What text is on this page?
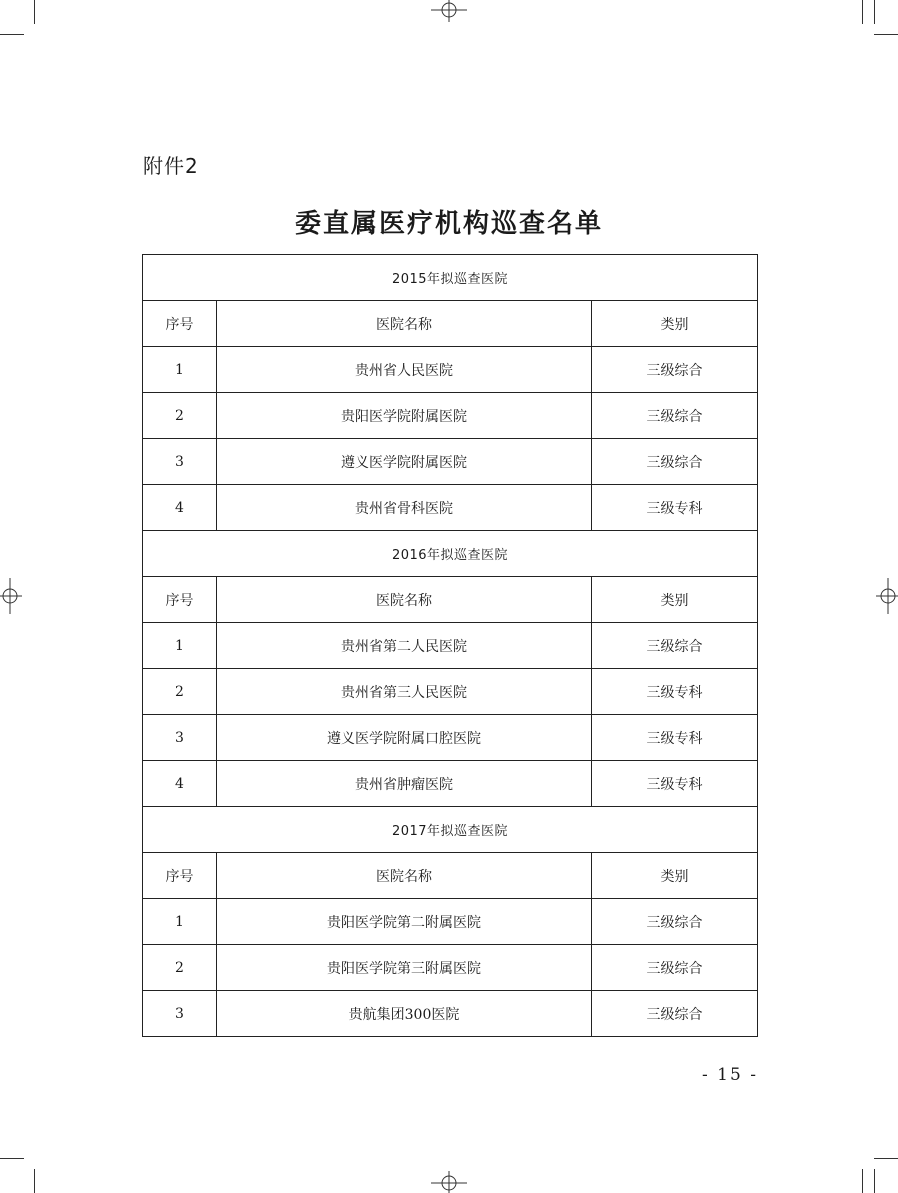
附件2
委直属医疗机构巡查名单
2015年拟巡查医院		
序号	医院名称	类别
1	贵州省人民医院	三级综合
2	贵阳医学院附属医院	三级综合
3	遵义医学院附属医院	三级综合
4	贵州省骨科医院	三级专科
2016年拟巡查医院		
序号	医院名称	类别
1	贵州省第二人民医院	三级综合
2	贵州省第三人民医院	三级专科
3	遵义医学院附属口腔医院	三级专科
4	贵州省肿瘤医院	三级专科
2017年拟巡查医院		
序号	医院名称	类别
1	贵阳医学院第二附属医院	三级综合
2	贵阳医学院第三附属医院	三级综合
3	贵航集团300医院	三级综合
- 15 -
